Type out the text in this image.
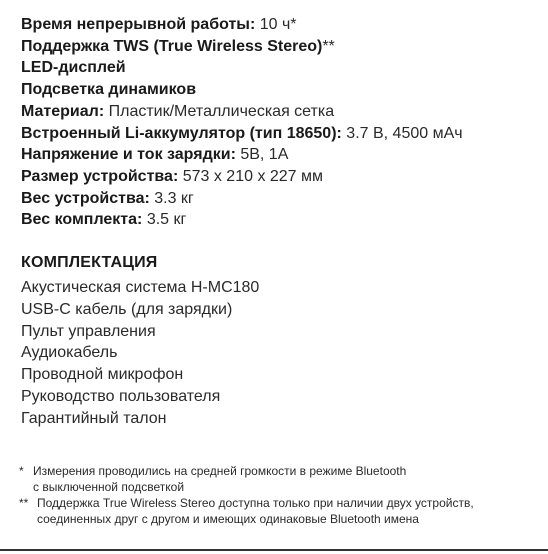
Время непрерывной работы: 10 ч*
Поддержка TWS (True Wireless Stereo)**
LED-дисплей
Подсветка динамиков
Материал: Пластик/Металлическая сетка
Встроенный Li-аккумулятор (тип 18650): 3.7 В, 4500 мАч
Напряжение и ток зарядки: 5В, 1А
Размер устройства: 573 х 210 х 227 мм
Вес устройства: 3.3 кг
Вес комплекта: 3.5 кг
КОМПЛЕКТАЦИЯ
Акустическая система H-MC180
USB-C кабель (для зарядки)
Пульт управления
Аудиокабель
Проводной микрофон
Руководство пользователя
Гарантийный талон
* Измерения проводились на средней громкости в режиме Bluetooth
с выключенной подсветкой
** Поддержка True Wireless Stereo доступна только при наличии двух устройств,
соединенных друг с другом и имеющих одинаковые Bluetooth имена
